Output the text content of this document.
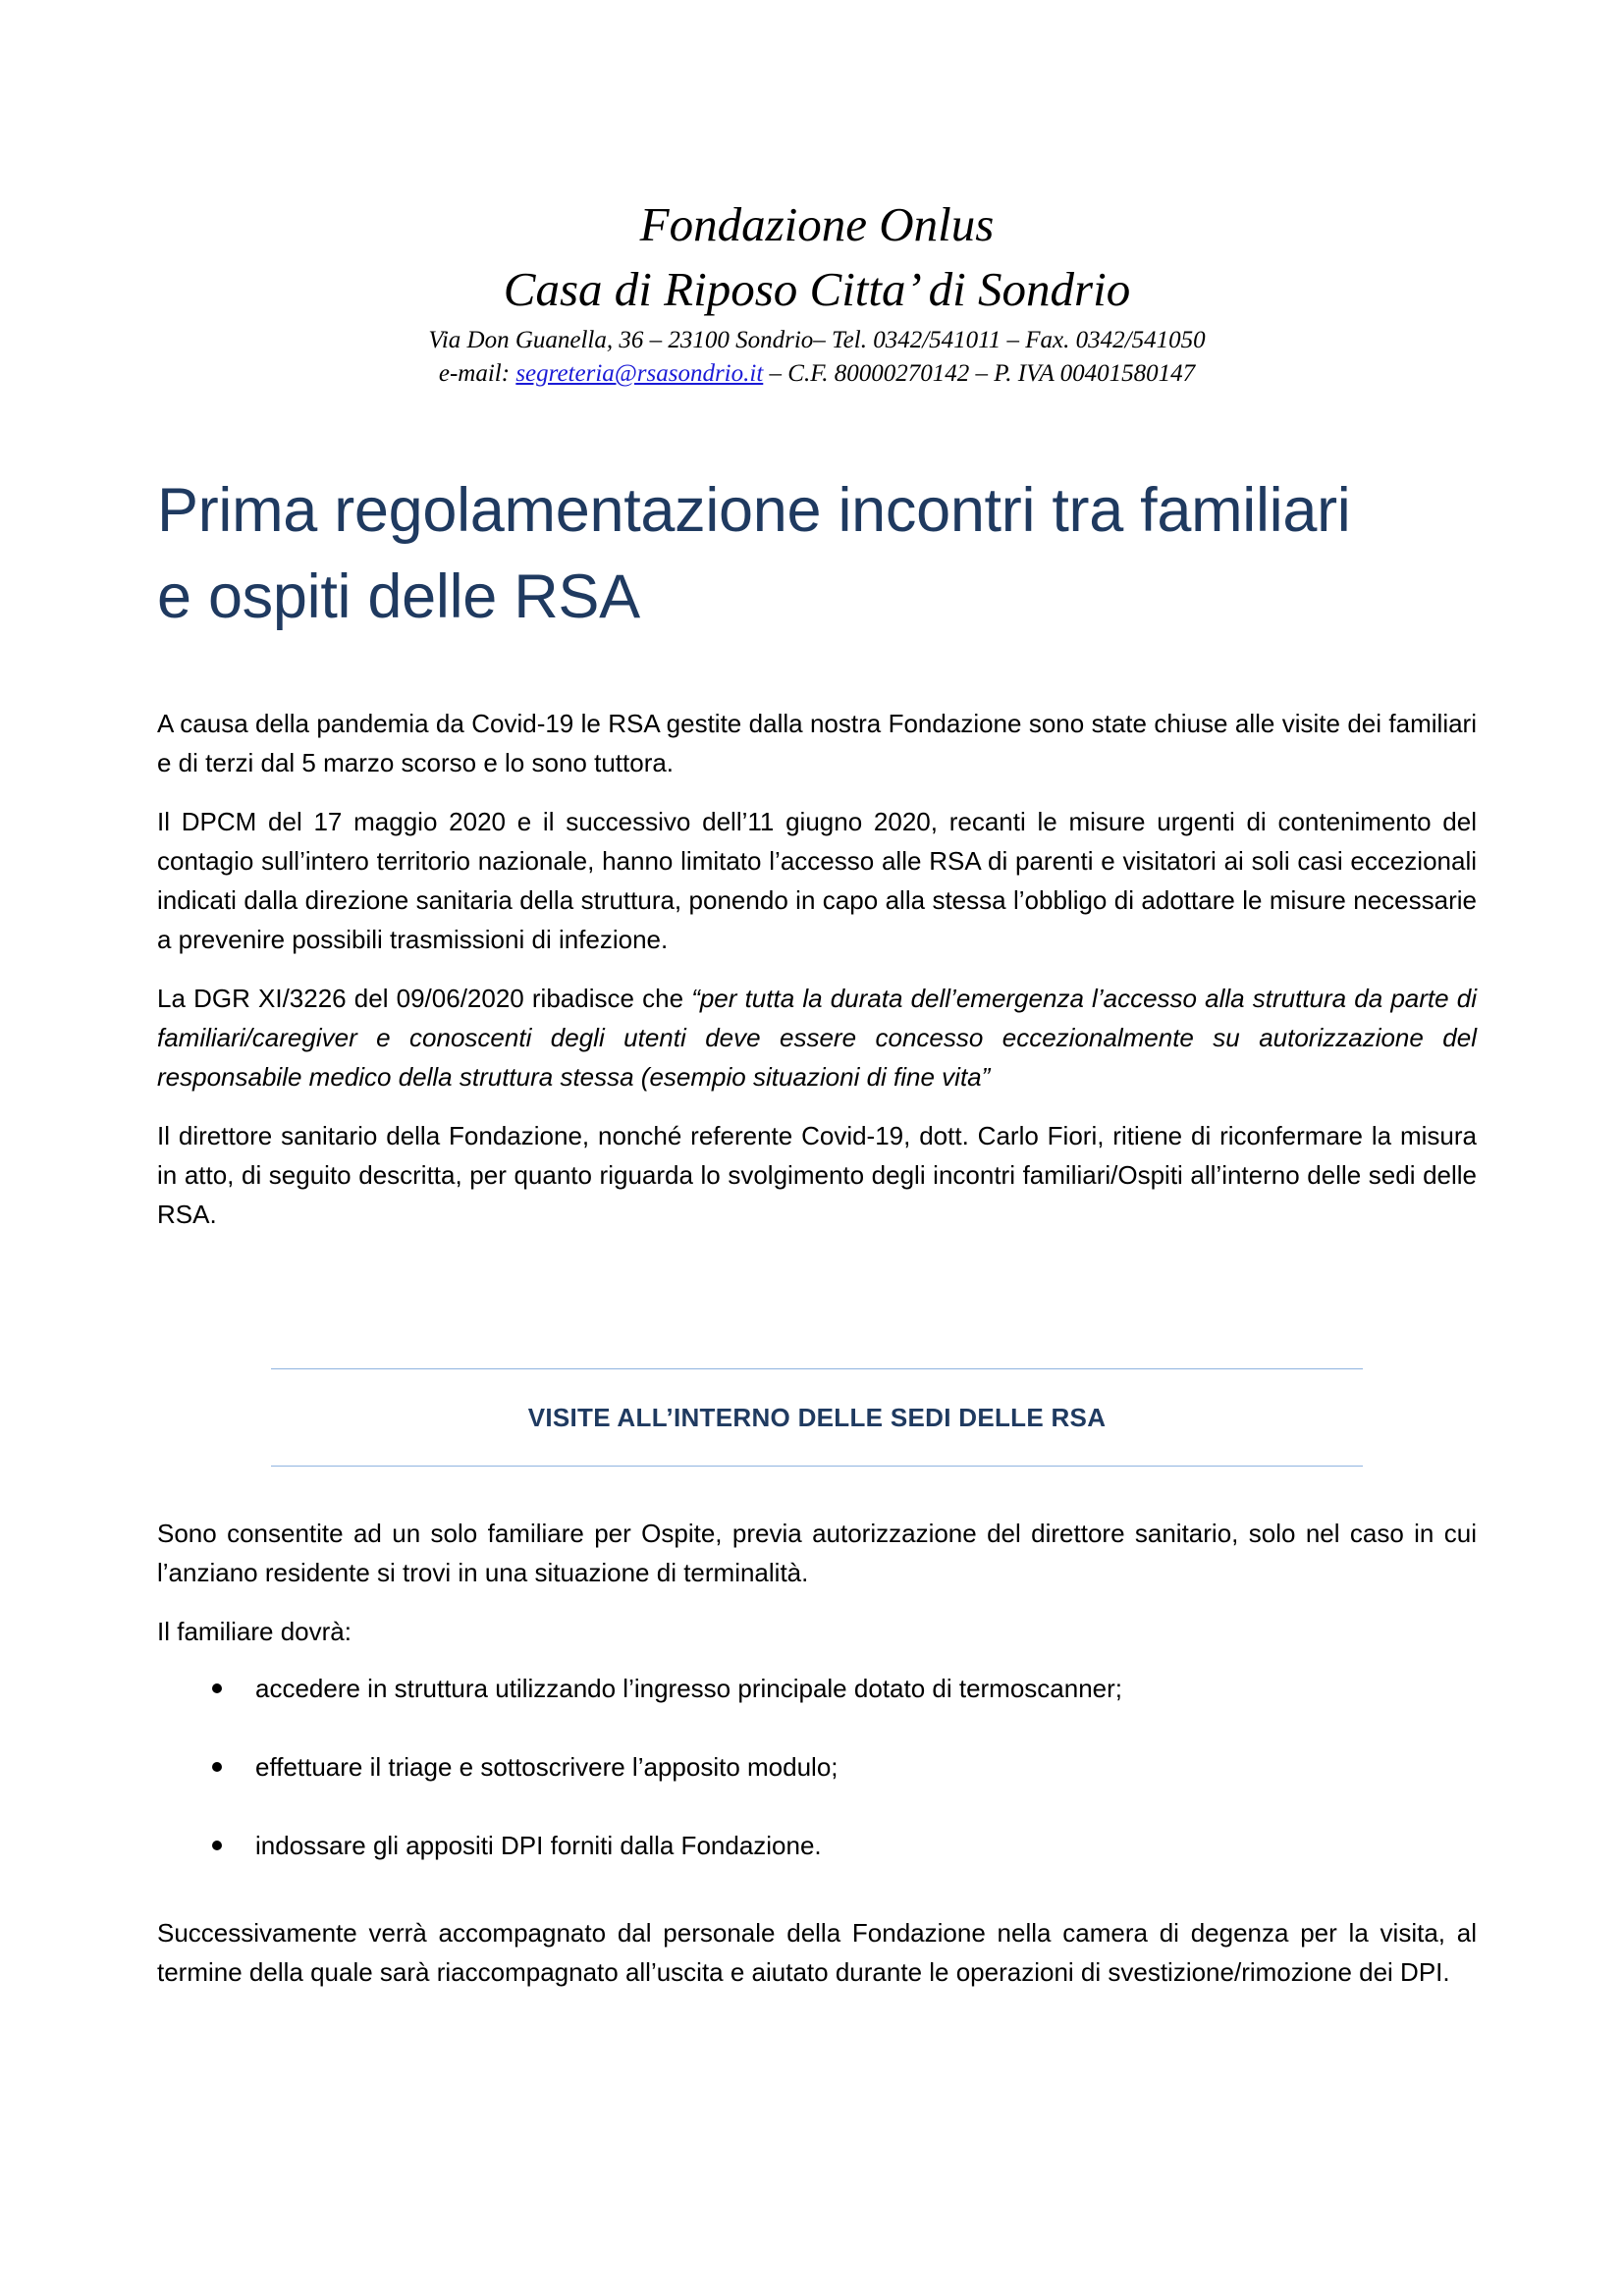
Fondazione Onlus
Casa di Riposo Citta’ di Sondrio
Via Don Guanella, 36 – 23100 Sondrio– Tel. 0342/541011 – Fax. 0342/541050
e-mail: segreteria@rsasondrio.it – C.F. 80000270142 – P. IVA 00401580147
Prima regolamentazione incontri tra familiari
e ospiti delle RSA

A causa della pandemia da Covid-19 le RSA gestite dalla nostra Fondazione sono state chiuse alle visite dei familiari e di terzi dal 5 marzo scorso e lo sono tuttora.

Il DPCM del 17 maggio 2020 e il successivo dell’11 giugno 2020, recanti le misure urgenti di contenimento del contagio sull’intero territorio nazionale, hanno limitato l’accesso alle RSA di parenti e visitatori ai soli casi eccezionali indicati dalla direzione sanitaria della struttura, ponendo in capo alla stessa l’obbligo di adottare le misure necessarie a prevenire possibili trasmissioni di infezione.

La DGR XI/3226 del 09/06/2020 ribadisce che “per tutta la durata dell’emergenza l’accesso alla struttura da parte di familiari/caregiver e conoscenti degli utenti deve essere concesso eccezionalmente su autorizzazione del responsabile medico della struttura stessa (esempio situazioni di fine vita”

Il direttore sanitario della Fondazione, nonché referente Covid-19, dott. Carlo Fiori, ritiene di riconfermare la misura in atto, di seguito descritta, per quanto riguarda lo svolgimento degli incontri familiari/Ospiti all’interno delle sedi delle RSA.

VISITE ALL’INTERNO DELLE SEDI DELLE RSA

Sono consentite ad un solo familiare per Ospite, previa autorizzazione del direttore sanitario, solo nel caso in cui l’anziano residente si trovi in una situazione di terminalità.

Il familiare dovrà:

accedere in struttura utilizzando l’ingresso principale dotato di termoscanner;
effettuare il triage e sottoscrivere l’apposito modulo;
indossare gli appositi DPI forniti dalla Fondazione.

Successivamente verrà accompagnato dal personale della Fondazione nella camera di degenza per la visita, al termine della quale sarà riaccompagnato all’uscita e aiutato durante le operazioni di svestizione/rimozione dei DPI.
